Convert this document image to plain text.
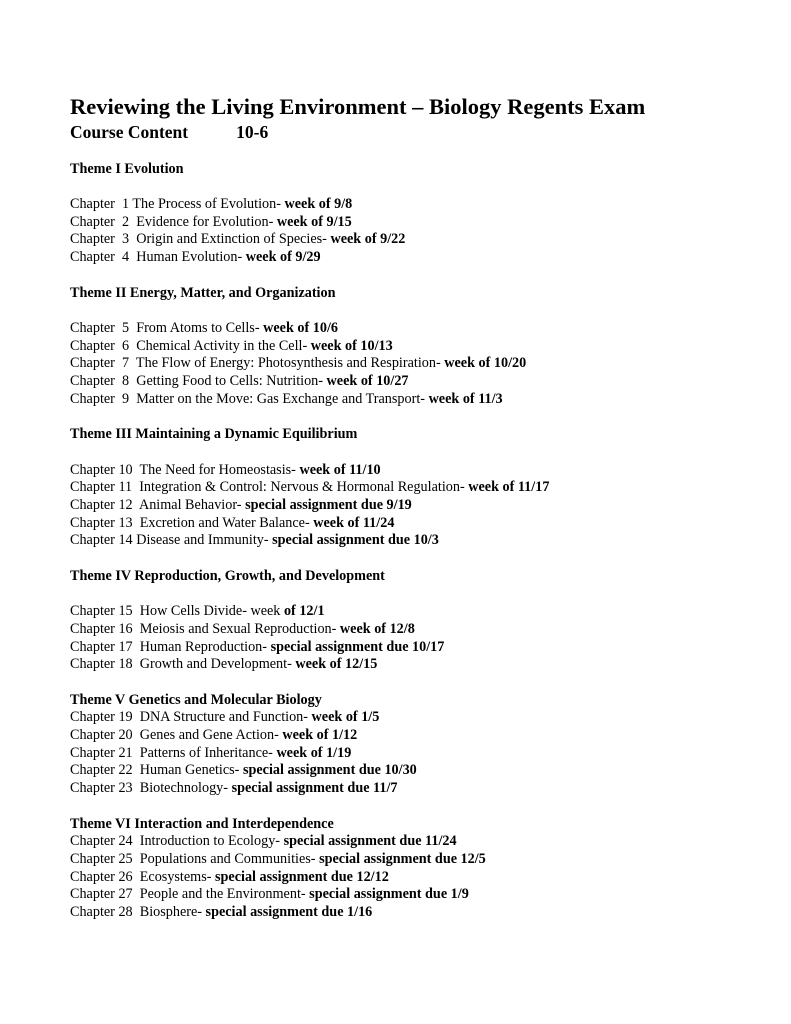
Reviewing the Living Environment – Biology Regents Exam
Course Content	10-6
Theme I Evolution
Chapter  1 The Process of Evolution- week of 9/8
Chapter  2  Evidence for Evolution- week of 9/15
Chapter  3  Origin and Extinction of Species- week of 9/22
Chapter  4  Human Evolution- week of 9/29
Theme II Energy, Matter, and Organization
Chapter  5  From Atoms to Cells- week of 10/6
Chapter  6  Chemical Activity in the Cell- week of 10/13
Chapter  7  The Flow of Energy: Photosynthesis and Respiration- week of 10/20
Chapter  8  Getting Food to Cells: Nutrition- week of 10/27
Chapter  9  Matter on the Move: Gas Exchange and Transport- week of 11/3
Theme III Maintaining a Dynamic Equilibrium
Chapter 10  The Need for Homeostasis- week of 11/10
Chapter 11  Integration & Control: Nervous & Hormonal Regulation- week of 11/17
Chapter 12  Animal Behavior- special assignment due 9/19
Chapter 13  Excretion and Water Balance- week of 11/24
Chapter 14 Disease and Immunity- special assignment due 10/3
Theme IV Reproduction, Growth, and Development
Chapter 15  How Cells Divide- week of 12/1
Chapter 16  Meiosis and Sexual Reproduction- week of 12/8
Chapter 17  Human Reproduction- special assignment due 10/17
Chapter 18  Growth and Development- week of 12/15
Theme V Genetics and Molecular Biology
Chapter 19  DNA Structure and Function- week of 1/5
Chapter 20  Genes and Gene Action- week of 1/12
Chapter 21  Patterns of Inheritance- week of 1/19
Chapter 22  Human Genetics- special assignment due 10/30
Chapter 23  Biotechnology- special assignment due 11/7
Theme VI Interaction and Interdependence
Chapter 24  Introduction to Ecology- special assignment due 11/24
Chapter 25  Populations and Communities- special assignment due 12/5
Chapter 26  Ecosystems- special assignment due 12/12
Chapter 27  People and the Environment- special assignment due 1/9
Chapter 28  Biosphere- special assignment due 1/16
